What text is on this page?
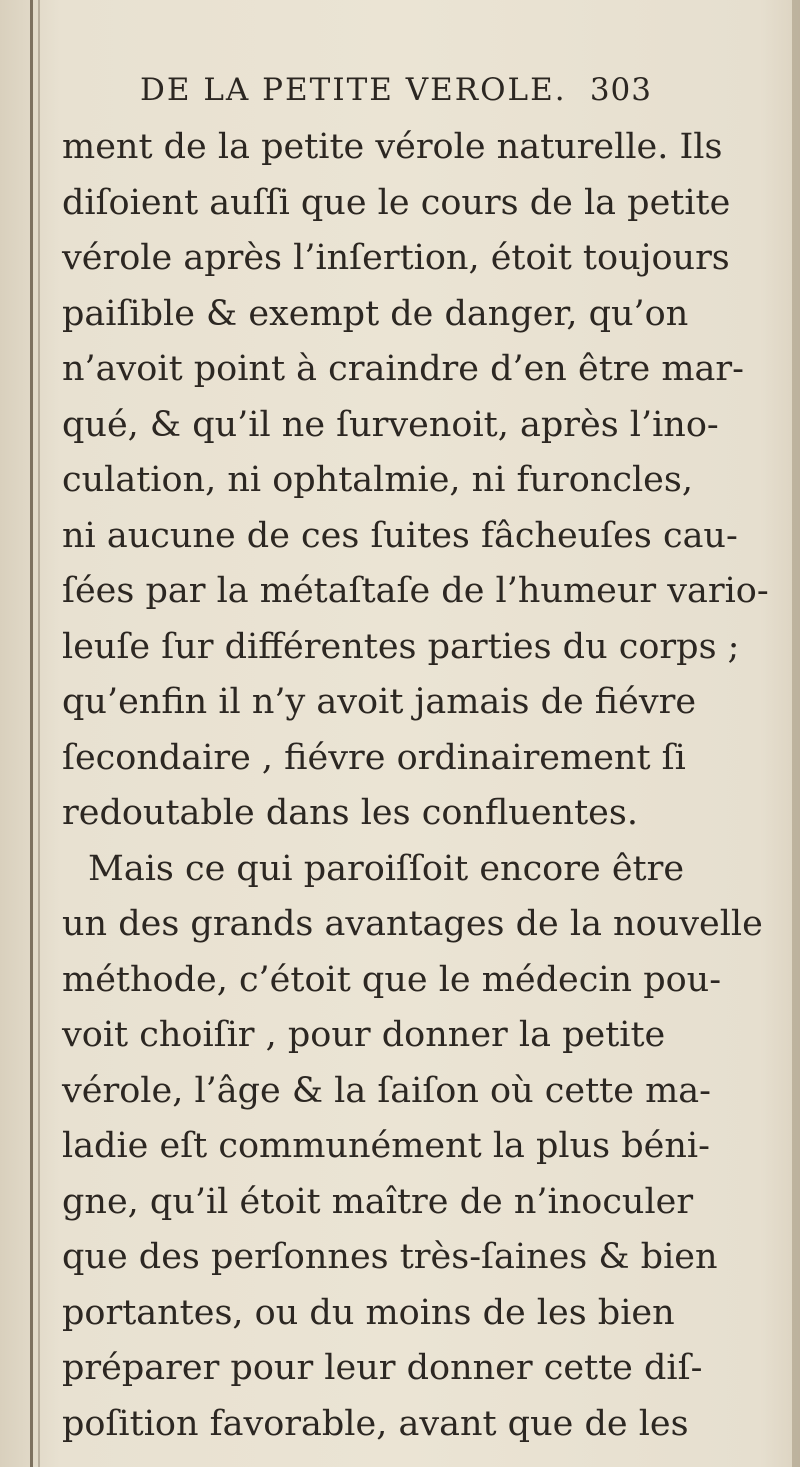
DE LA PETITE VEROLE. 303
ment de la petite vérole naturelle. Ils
diſoient auſſi que le cours de la petite
vérole après l’inſertion, étoit toujours
paiſible & exempt de danger, qu’on
n’avoit point à craindre d’en être mar-
qué, & qu’il ne ſurvenoit, après l’ino-
culation, ni ophtalmie, ni furoncles,
ni aucune de ces ſuites fâcheuſes cau-
ſées par la métaſtaſe de l’humeur vario-
leuſe ſur différentes parties du corps ;
qu’enfin il n’y avoit jamais de fiévre
ſecondaire , fiévre ordinairement ſi
redoutable dans les confluentes.
Mais ce qui paroiſſoit encore être
un des grands avantages de la nouvelle
méthode, c’étoit que le médecin pou-
voit choiſir , pour donner la petite
vérole, l’âge & la ſaiſon où cette ma-
ladie eſt communément la plus béni-
gne, qu’il étoit maître de n’inoculer
que des perſonnes très-ſaines & bien
portantes, ou du moins de les bien
préparer pour leur donner cette diſ-
poſition favorable, avant que de les
